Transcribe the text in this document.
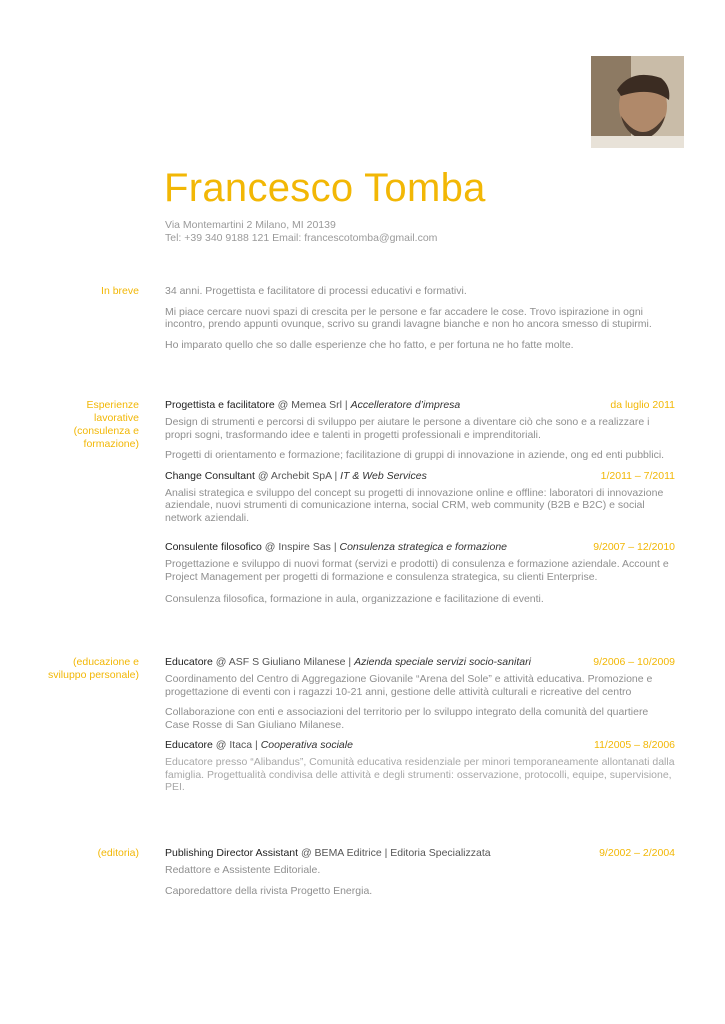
Francesco Tomba
Via Montemartini 2 Milano, MI 20139
Tel: +39 340 9188 121 Email: francescotomba@gmail.com
In breve 34 anni. Progettista e facilitatore di processi educativi e formativi.

Mi piace cercare nuovi spazi di crescita per le persone e far accadere le cose. Trovo ispirazione in ogni incontro, prendo appunti ovunque, scrivo su grandi lavagne bianche e non ho ancora smesso di stupirmi.

Ho imparato quello che so dalle esperienze che ho fatto, e per fortuna ne ho fatte molte.

Esperienze lavorative (consulenza e formazione)
Progettista e facilitatore @ Memea Srl | Accelleratore d’impresa	da luglio 2011

Design di strumenti e percorsi di sviluppo per aiutare le persone a diventare ciò che sono e a realizzare i propri sogni, trasformando idee e talenti in progetti professionali e imprenditoriali.

Progetti di orientamento e formazione; facilitazione di gruppi di innovazione in aziende, ong ed enti pubblici.

Change Consultant @ Archebit SpA | IT & Web Services	1/2011 – 7/2011

Analisi strategica e sviluppo del concept su progetti di innovazione online e offline: laboratori di innovazione aziendale, nuovi strumenti di comunicazione interna, social CRM, web community (B2B e B2C) e social network aziendali.

Consulente filosofico @ Inspire Sas | Consulenza strategica e formazione	9/2007 – 12/2010

Progettazione e sviluppo di nuovi format (servizi e prodotti) di consulenza e formazione aziendale. Account e Project Management per progetti di formazione e consulenza strategica, su clienti Enterprise.

Consulenza filosofica, formazione in aula, organizzazione e facilitazione di eventi.

(educazione e sviluppo personale)
Educatore @ ASF S Giuliano Milanese | Azienda speciale servizi socio-sanitari	9/2006 – 10/2009

Coordinamento del Centro di Aggregazione Giovanile “Arena del Sole” e attività educativa. Promozione e progettazione di eventi con i ragazzi 10-21 anni, gestione delle attività culturali e ricreative del centro

Collaborazione con enti e associazioni del territorio per lo sviluppo integrato della comunità del quartiere Case Rosse di San Giuliano Milanese.

Educatore @ Itaca | Cooperativa sociale	11/2005 – 8/2006

Educatore presso “Alibandus”, Comunità educativa residenziale per minori temporaneamente allontanati dalla famiglia. Progettualità condivisa delle attività e degli strumenti: osservazione, protocolli, equipe, supervisione, PEI.

(editoria) Publishing Director Assistant @ BEMA Editrice | Editoria Specializzata	9/2002 – 2/2004

Redattore e Assistente Editoriale.

Caporedattore della rivista Progetto Energia.
